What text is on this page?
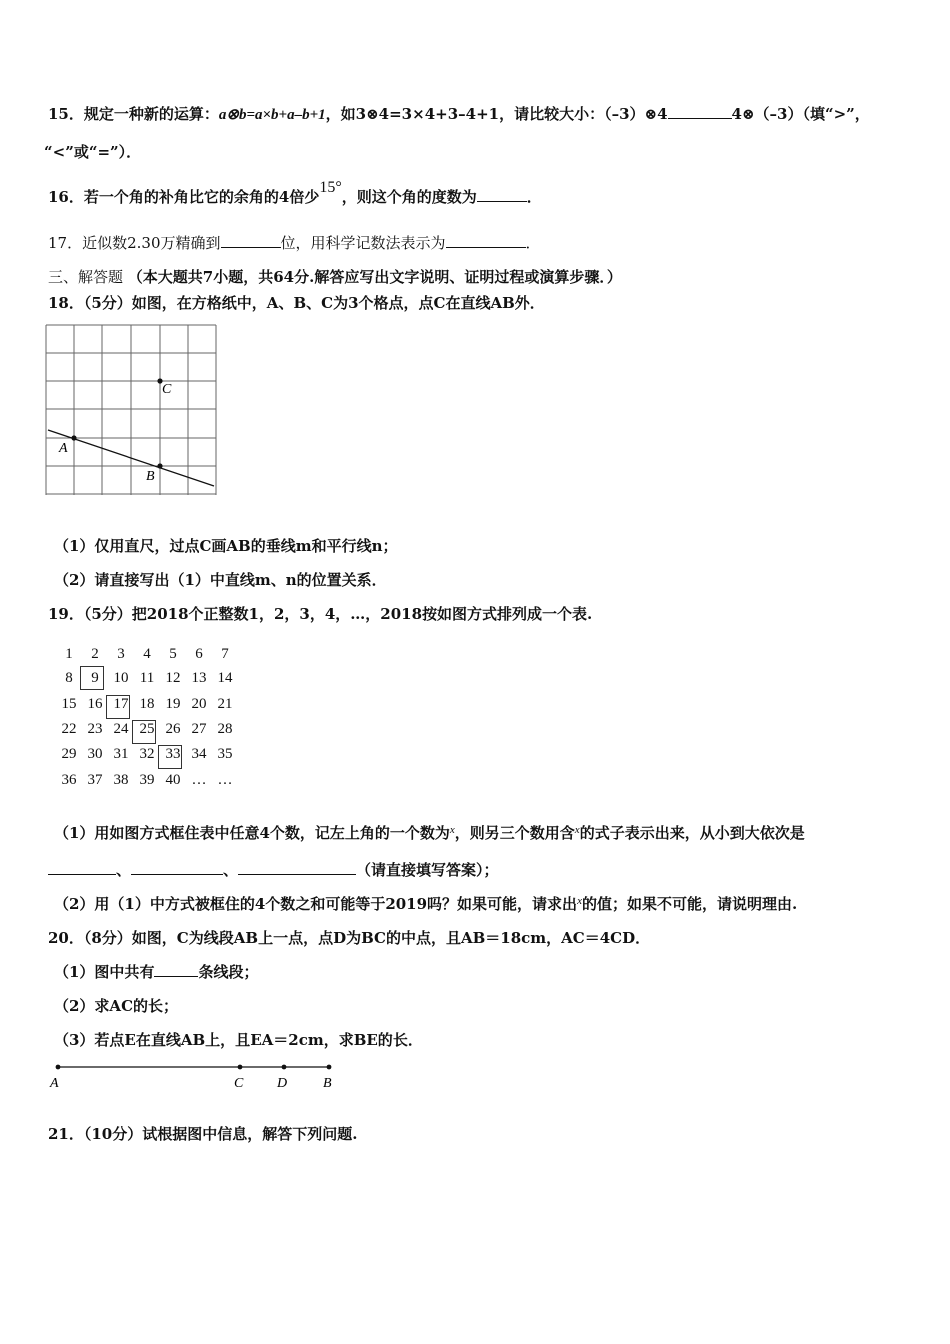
15．规定一种新的运算：a⊗b=a×b+a–b+1，如3⊗4=3×4+3–4+1，请比较大小：（–3）⊗4	4⊗（–3）（填“>”，
“<”或“=”）．
16．若一个角的补角比它的余角的4倍少15°，则这个角的度数为	．
17．近似数2.30万精确到	位，用科学记数法表示为	．
三、解答题 （本大题共7小题，共64分.解答应写出文字说明、证明过程或演算步骤．）
18．（5分）如图，在方格纸中，A、B、C为3个格点，点C在直线AB外．
A
B
C
（1）仅用直尺，过点C画AB的垂线m和平行线n；
（2）请直接写出（1）中直线m、n的位置关系．
19．（5分）把2018个正整数1，2，3，4，…，2018按如图方式排列成一个表.
1	2	3	4	5	6	7
8	9 10 11 12 13 14
15 16 17 18 19 20 21
22 23 24 25 26 27 28
29 30 31 32 33 34 35
36 37 38 39 40 … …
（1）用如图方式框住表中任意4个数，记左上角的一个数为$^x$，则另三个数用含$^x$的式子表示出来，从小到大依次是
、	、	（请直接填写答案）；
（2）用（1）中方式被框住的4个数之和可能等于2019吗？如果可能，请求出$^x$的值；如果不可能，请说明理由.
20．（8分）如图，C为线段AB上一点，点D为BC的中点，且AB＝18cm，AC＝4CD．
（1）图中共有	条线段；
（2）求AC的长；
（3）若点E在直线AB上，且EA＝2cm，求BE的长．
A	C D	B
21．（10分）试根据图中信息，解答下列问题.
